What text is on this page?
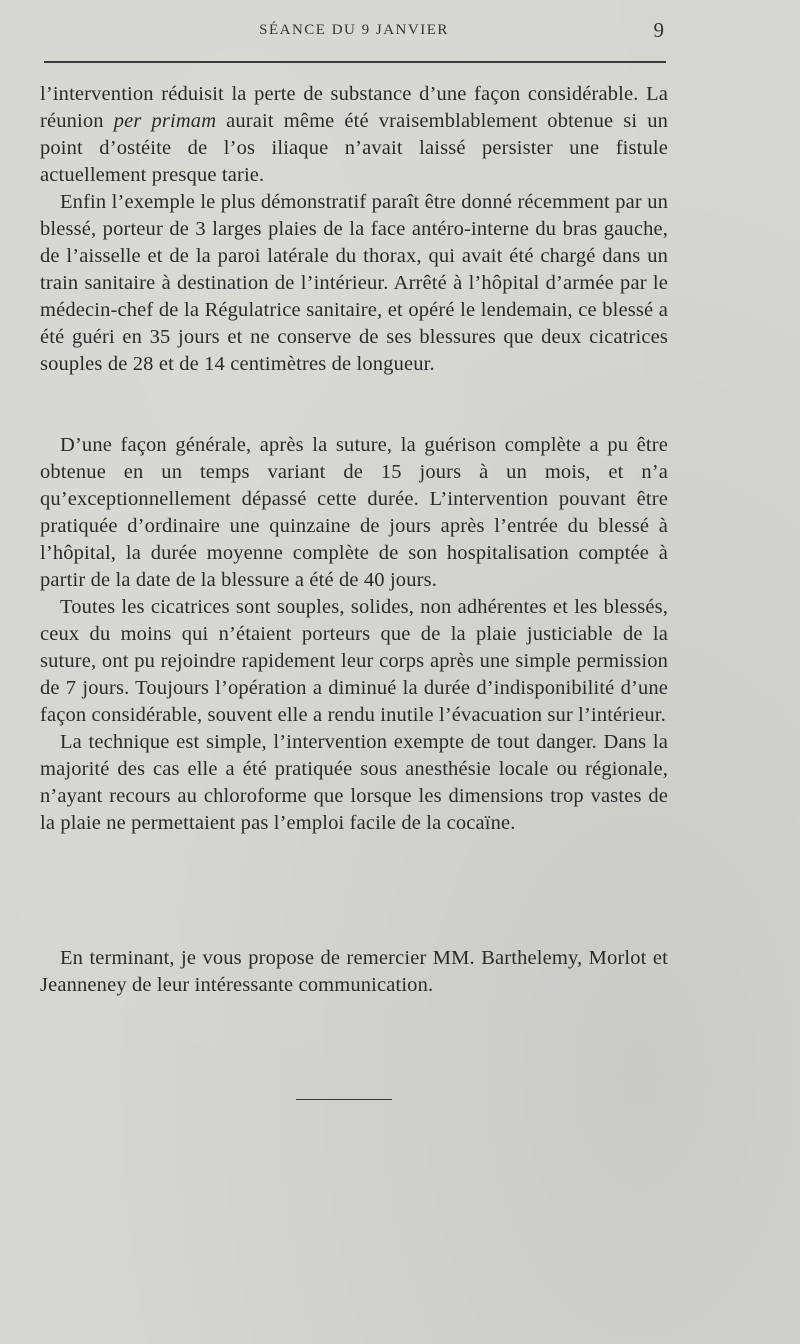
SÉANCE DU 9 JANVIER	9

l’intervention réduisit la perte de substance d’une façon considérable. La réunion per primam aurait même été vraisemblablement obtenue si un point d’ostéite de l’os iliaque n’avait laissé persister une fistule actuellement presque tarie.

Enfin l’exemple le plus démonstratif paraît être donné récemment par un blessé, porteur de 3 larges plaies de la face antéro-interne du bras gauche, de l’aisselle et de la paroi latérale du thorax, qui avait été chargé dans un train sanitaire à destination de l’intérieur. Arrêté à l’hôpital d’armée par le médecin-chef de la Régulatrice sanitaire, et opéré le lendemain, ce blessé a été guéri en 35 jours et ne conserve de ses blessures que deux cicatrices souples de 28 et de 14 centimètres de longueur.

D’une façon générale, après la suture, la guérison complète a pu être obtenue en un temps variant de 15 jours à un mois, et n’a qu’exceptionnellement dépassé cette durée. L’intervention pouvant être pratiquée d’ordinaire une quinzaine de jours après l’entrée du blessé à l’hôpital, la durée moyenne complète de son hospitalisation comptée à partir de la date de la blessure a été de 40 jours.

Toutes les cicatrices sont souples, solides, non adhérentes et les blessés, ceux du moins qui n’étaient porteurs que de la plaie justiciable de la suture, ont pu rejoindre rapidement leur corps après une simple permission de 7 jours. Toujours l’opération a diminué la durée d’indisponibilité d’une façon considérable, souvent elle a rendu inutile l’évacuation sur l’intérieur.

La technique est simple, l’intervention exempte de tout danger. Dans la majorité des cas elle a été pratiquée sous anesthésie locale ou régionale, n’ayant recours au chloroforme que lorsque les dimensions trop vastes de la plaie ne permettaient pas l’emploi facile de la cocaïne.

En terminant, je vous propose de remercier MM. Barthelemy, Morlot et Jeanneney de leur intéressante communication.
